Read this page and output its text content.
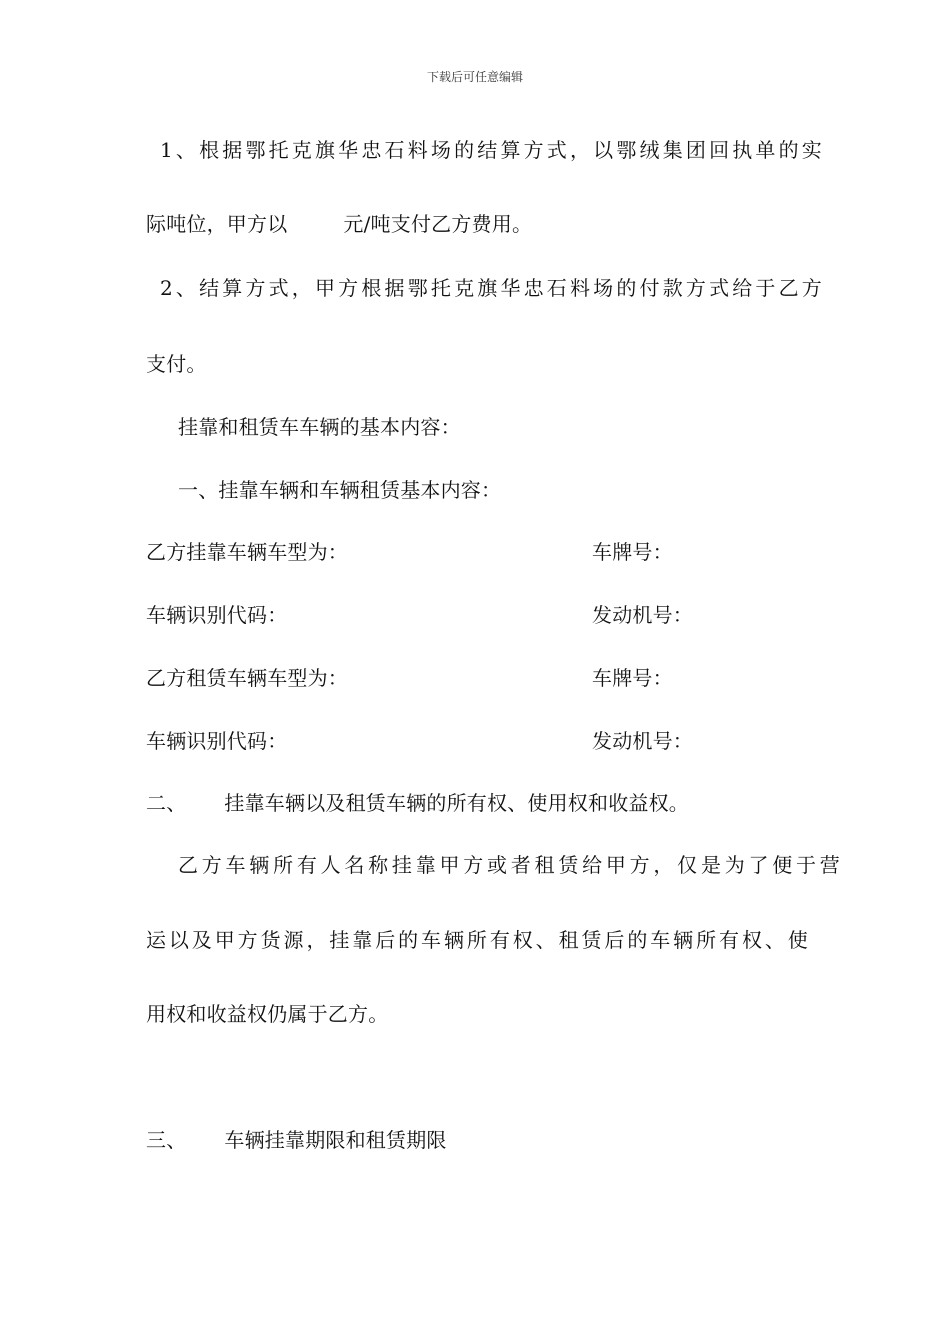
下载后可任意编辑
1、根据鄂托克旗华忠石料场的结算方式，以鄂绒集团回执单的实
际吨位，甲方以	元/吨支付乙方费用。
2、结算方式，甲方根据鄂托克旗华忠石料场的付款方式给于乙方
支付。
挂靠和租赁车车辆的基本内容：
一、挂靠车辆和车辆租赁基本内容：
乙方挂靠车辆车型为：	车牌号：
车辆识别代码：	发动机号：
乙方租赁车辆车型为：	车牌号：
车辆识别代码：	发动机号：
二、 挂靠车辆以及租赁车辆的所有权、使用权和收益权。
乙方车辆所有人名称挂靠甲方或者租赁给甲方，仅是为了便于营
运以及甲方货源，挂靠后的车辆所有权、租赁后的车辆所有权、使
用权和收益权仍属于乙方。
三、 车辆挂靠期限和租赁期限
